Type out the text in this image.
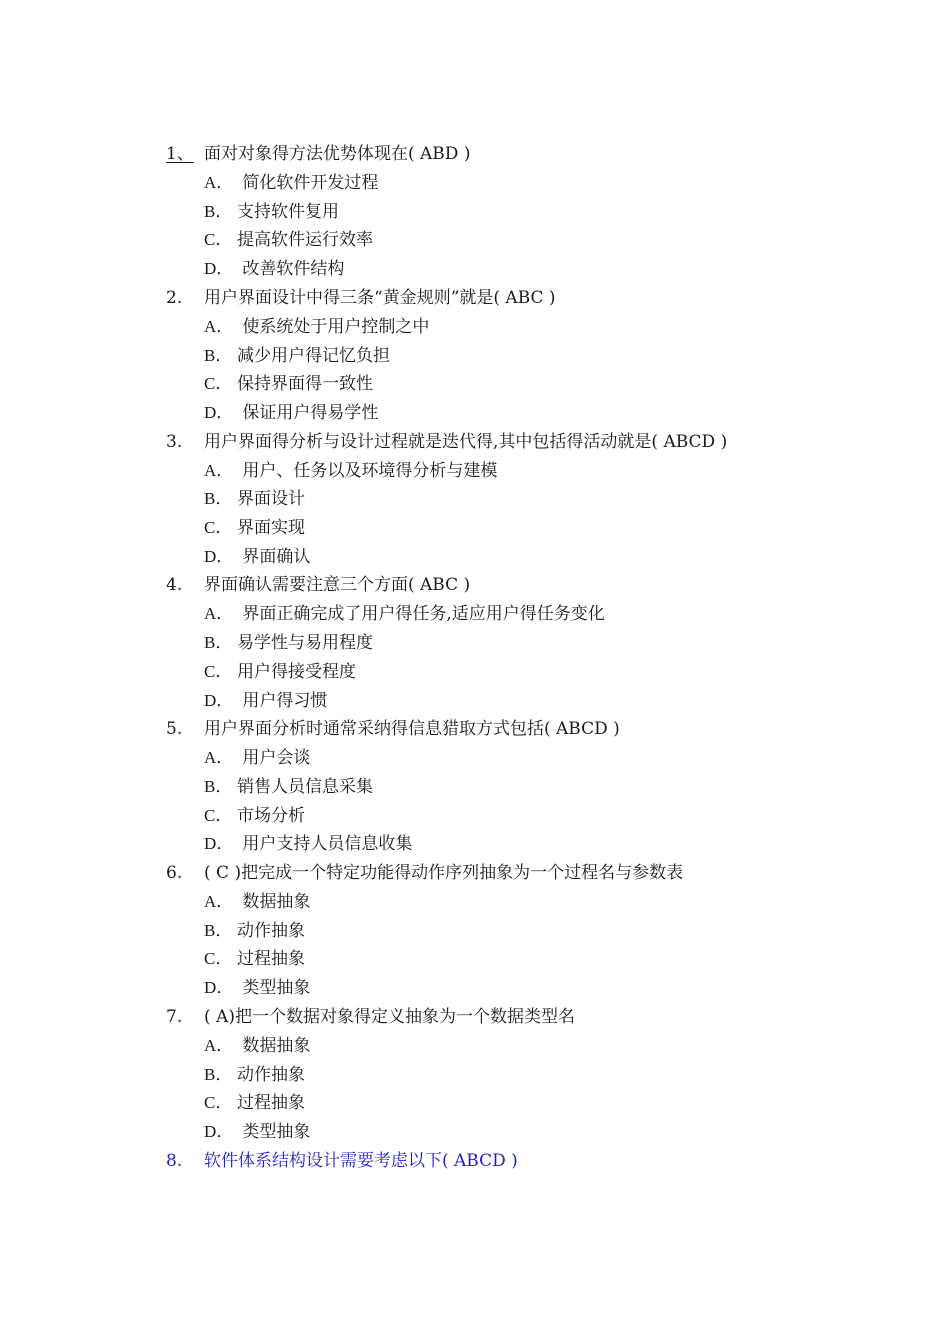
1、 面对对象得方法优势体现在( ABD )
A． 简化软件开发过程
B． 支持软件复用
C． 提高软件运行效率
D． 改善软件结构
2.	用户界面设计中得三条“黄金规则”就是( ABC )
A． 使系统处于用户控制之中
B． 减少用户得记忆负担
C． 保持界面得一致性
D． 保证用户得易学性
3.	用户界面得分析与设计过程就是迭代得,其中包括得活动就是( ABCD )
A． 用户、任务以及环境得分析与建模
B． 界面设计
C． 界面实现
D． 界面确认
4.	界面确认需要注意三个方面( ABC )
A． 界面正确完成了用户得任务,适应用户得任务变化
B． 易学性与易用程度
C． 用户得接受程度
D． 用户得习惯
5.	用户界面分析时通常采纳得信息猎取方式包括( ABCD )
A． 用户会谈
B． 销售人员信息采集
C． 市场分析
D． 用户支持人员信息收集
6.	( C )把完成一个特定功能得动作序列抽象为一个过程名与参数表
A． 数据抽象
B． 动作抽象
C． 过程抽象
D． 类型抽象
7.	( A)把一个数据对象得定义抽象为一个数据类型名
A． 数据抽象
B． 动作抽象
C． 过程抽象
D． 类型抽象
8.	软件体系结构设计需要考虑以下( ABCD )
